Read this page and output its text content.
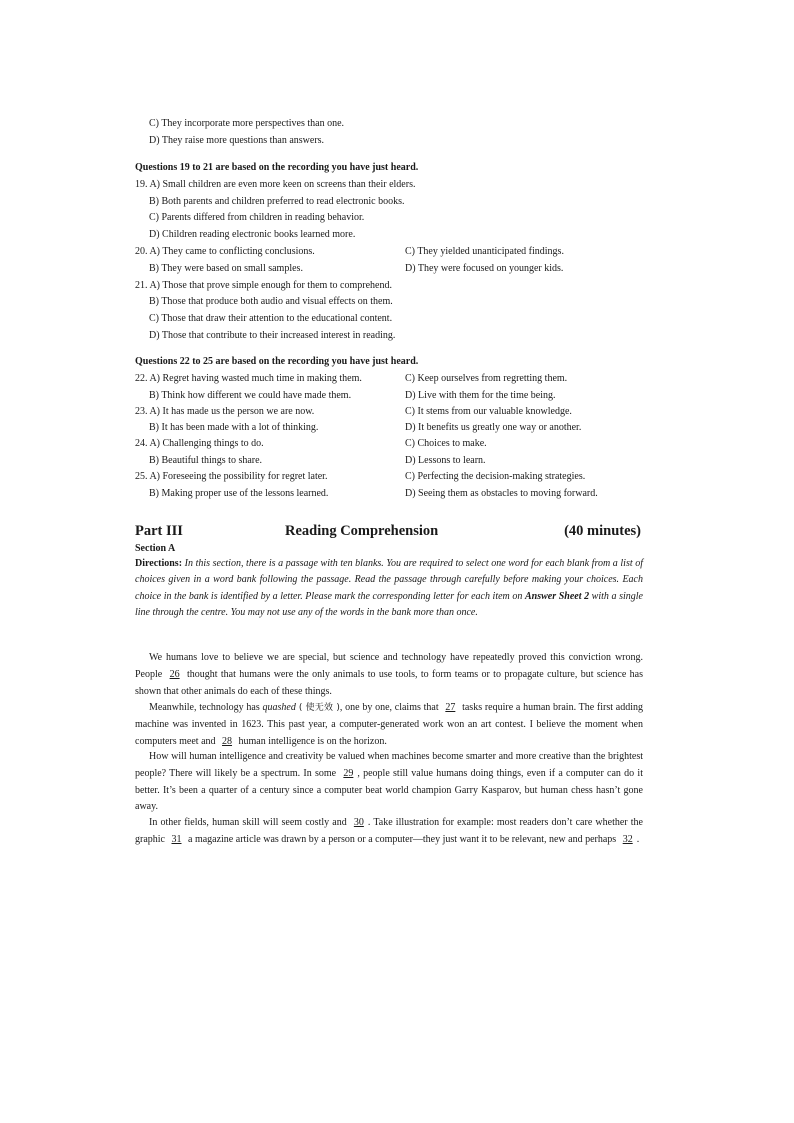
C) They incorporate more perspectives than one.
D) They raise more questions than answers.
Questions 19 to 21 are based on the recording you have just heard.
19. A) Small children are even more keen on screens than their elders.
B) Both parents and children preferred to read electronic books.
C) Parents differed from children in reading behavior.
D) Children reading electronic books learned more.
20. A) They came to conflicting conclusions.	C) They yielded unanticipated findings.
B) They were based on small samples.	D) They were focused on younger kids.
21. A) Those that prove simple enough for them to comprehend.
B) Those that produce both audio and visual effects on them.
C) Those that draw their attention to the educational content.
D) Those that contribute to their increased interest in reading.
Questions 22 to 25 are based on the recording you have just heard.
22. A) Regret having wasted much time in making them.	C) Keep ourselves from regretting them.
B) Think how different we could have made them.	D) Live with them for the time being.
23. A) It has made us the person we are now.	C) It stems from our valuable knowledge.
B) It has been made with a lot of thinking.	D) It benefits us greatly one way or another.
24. A) Challenging things to do.	C) Choices to make.
B) Beautiful things to share.	D) Lessons to learn.
25. A) Foreseeing the possibility for regret later.	C) Perfecting the decision-making strategies.
B) Making proper use of the lessons learned.	D) Seeing them as obstacles to moving forward.
Part III	Reading Comprehension	(40 minutes)
Section A
Directions: In this section, there is a passage with ten blanks. You are required to select one word for each blank from a list of choices given in a word bank following the passage. Read the passage through carefully before making your choices. Each choice in the bank is identified by a letter. Please mark the corresponding letter for each item on Answer Sheet 2 with a single line through the centre. You may not use any of the words in the bank more than once.
We humans love to believe we are special, but science and technology have repeatedly proved this conviction wrong. People 26 thought that humans were the only animals to use tools, to form teams or to propagate culture, but science has shown that other animals do each of these things.
Meanwhile, technology has quashed ( 使无效 ), one by one, claims that 27 tasks require a human brain. The first adding machine was invented in 1623. This past year, a computer-generated work won an art contest. I believe the moment when computers meet and 28 human intelligence is on the horizon.
How will human intelligence and creativity be valued when machines become smarter and more creative than the brightest people? There will likely be a spectrum. In some 29 , people still value humans doing things, even if a computer can do it better. It’s been a quarter of a century since a computer beat world champion Garry Kasparov, but human chess hasn’t gone away.
In other fields, human skill will seem costly and 30 . Take illustration for example: most readers don’t care whether the graphic 31 a magazine article was drawn by a person or a computer—they just want it to be relevant, new and perhaps 32 .
